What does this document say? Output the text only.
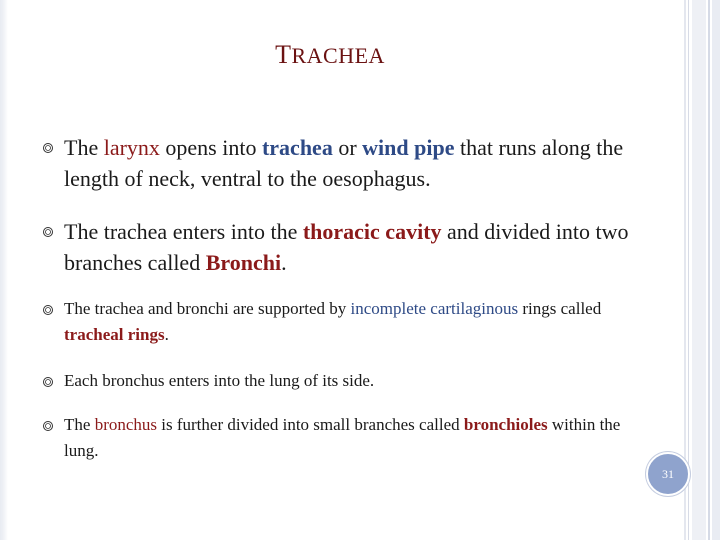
TRACHEA
The larynx opens into trachea or wind pipe that runs along the length of neck, ventral to the oesophagus.
The trachea enters into the thoracic cavity and divided into two branches called Bronchi.
The trachea and bronchi are supported by incomplete cartilaginous rings called tracheal rings.
Each bronchus enters into the lung of its side.
The bronchus is further divided into small branches called bronchioles within the lung.
31
